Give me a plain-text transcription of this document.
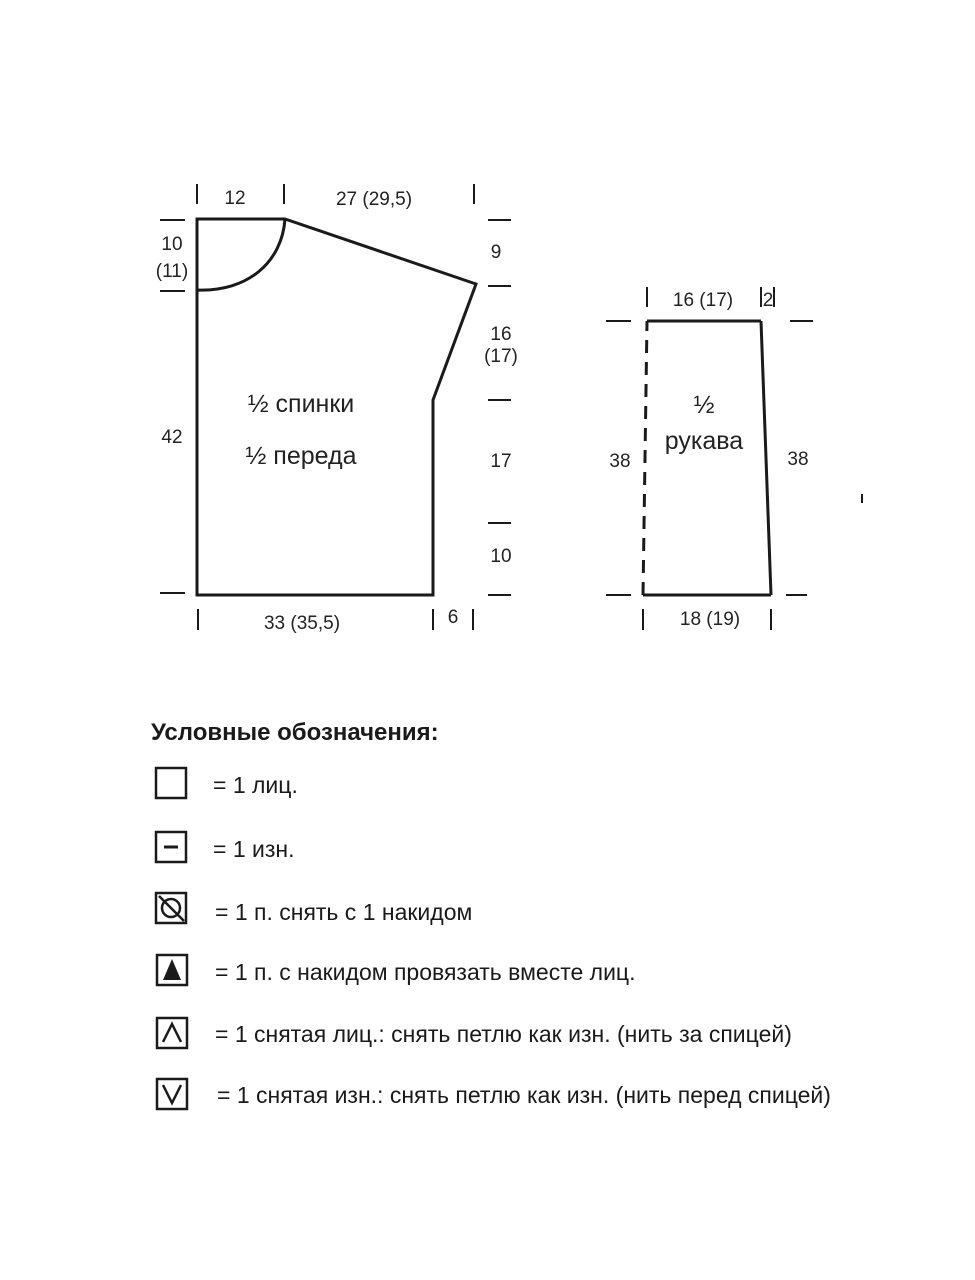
12	27 (29,5)
10
(11)
42
½ спинки
½ переда
9
16
(17)
17
10
33 (35,5)	6
16 (17) 2
38	38
½
рукава
18 (19)
Условные обозначения:
= 1 лиц.
= 1 изн.
= 1 п. снять с 1 накидом
= 1 п. с накидом провязать вместе лиц.
= 1 снятая лиц.: снять петлю как изн. (нить за спицей)
= 1 снятая изн.: снять петлю как изн. (нить перед спицей)
